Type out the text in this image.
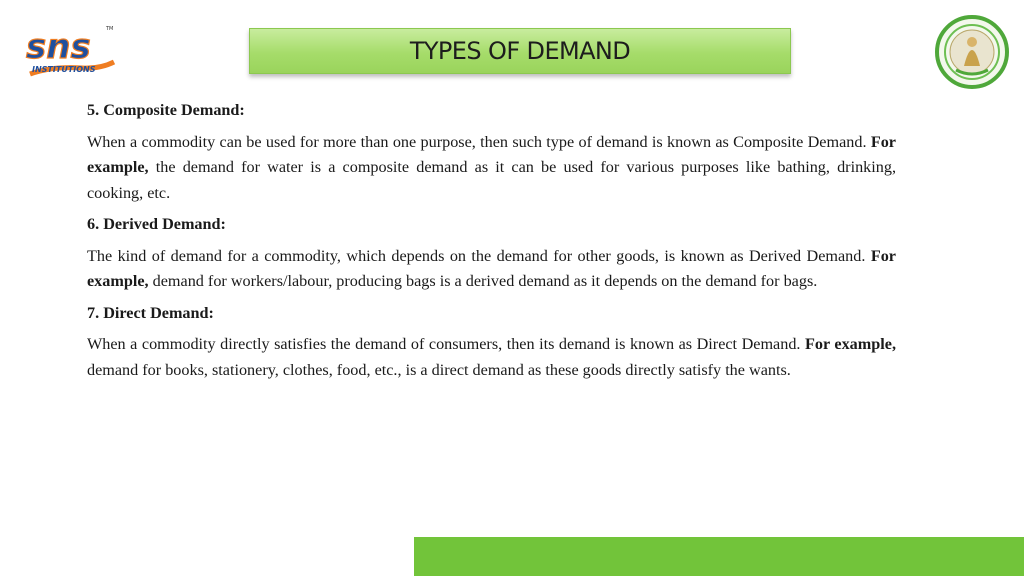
sns
INSTITUTIONS
TM
TYPES OF DEMAND
5. Composite Demand:
When a commodity can be used for more than one purpose, then such type of demand is known as Composite Demand. For example, the demand for water is a composite demand as it can be used for various purposes like bathing, drinking, cooking, etc.
6. Derived Demand:
The kind of demand for a commodity, which depends on the demand for other goods, is known as Derived Demand. For example, demand for workers/labour, producing bags is a derived demand as it depends on the demand for bags.
7. Direct Demand:
When a commodity directly satisfies the demand of consumers, then its demand is known as Direct Demand. For example, demand for books, stationery, clothes, food, etc., is a direct demand as these goods directly satisfy the wants.
